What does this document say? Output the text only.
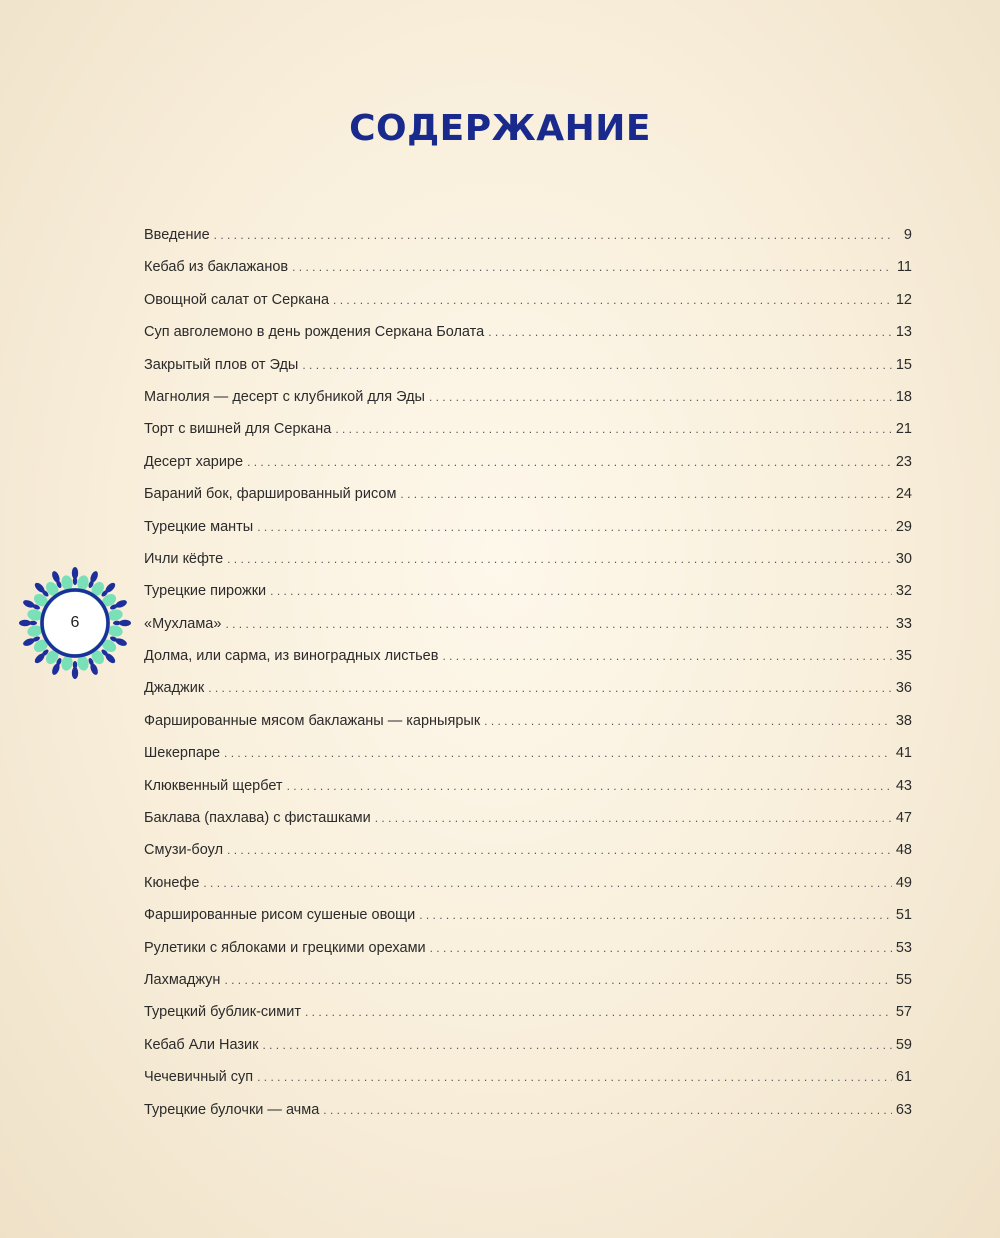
СОДЕРЖАНИЕ
Введение . . .	9
Кебаб из баклажанов . . .	11
Овощной салат от Серкана . . .	12
Суп авголемоно в день рождения Серкана Болата . . .	13
Закрытый плов от Эды . . .	15
Магнолия — десерт с клубникой для Эды . . .	18
Торт с вишней для Серкана . . .	21
Десерт харире . . .	23
Бараний бок, фаршированный рисом . . .	24
Турецкие манты . . .	29
Ичли кёфте . . .	30
Турецкие пирожки . . .	32
«Мухлама» . . .	33
Долма, или сарма, из виноградных листьев . . .	35
Джаджик . . .	36
Фаршированные мясом баклажаны — карныярык . . .	38
Шекерпаре . . .	41
Клюквенный щербет . . .	43
Баклава (пахлава) с фисташками . . .	47
Смузи-боул . . .	48
Кюнефе . . .	49
Фаршированные рисом сушеные овощи . . .	51
Рулетики с яблоками и грецкими орехами . . .	53
Лахмаджун . . .	55
Турецкий бублик-симит . . .	57
Кебаб Али Назик . . .	59
Чечевичный суп . . .	61
Турецкие булочки — ачма . . .	63
6
